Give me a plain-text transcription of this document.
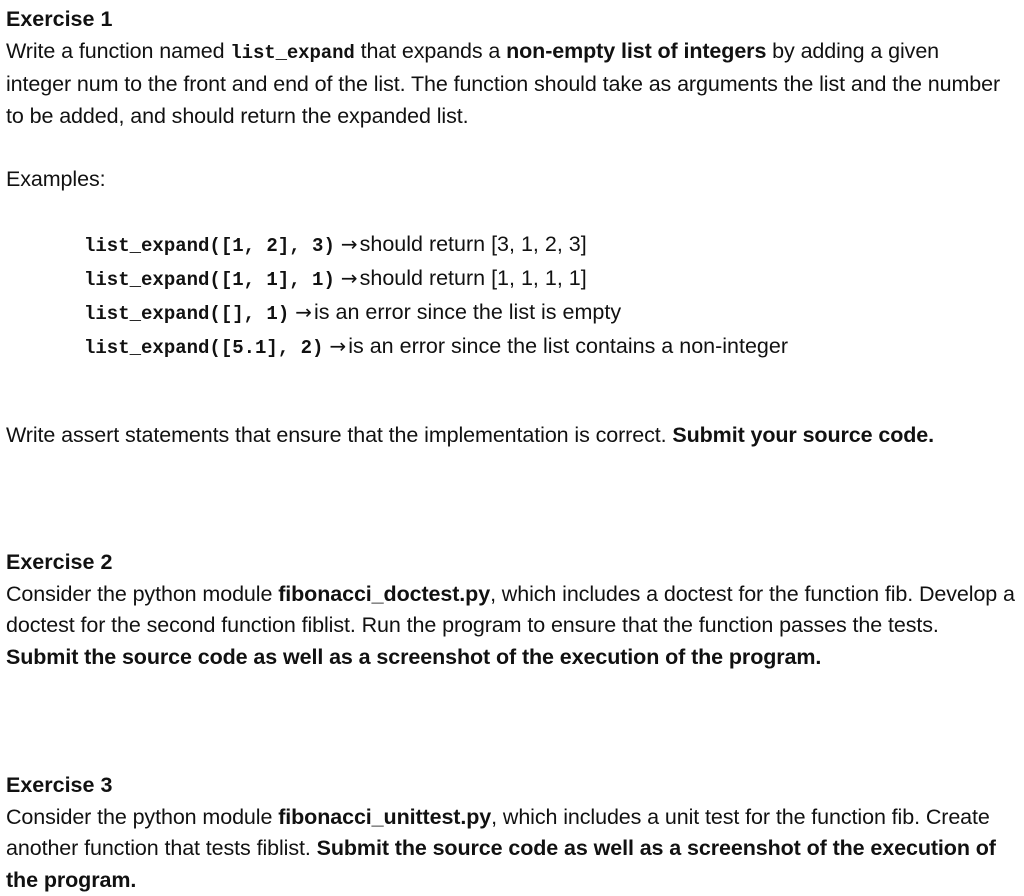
Exercise 1

Write a function named list_expand that expands a non-empty list of integers by adding a given integer num to the front and end of the list. The function should take as arguments the list and the number to be added, and should return the expanded list.

Examples:

list_expand([1, 2], 3) →should return [3, 1, 2, 3]
list_expand([1, 1], 1) →should return [1, 1, 1, 1]
list_expand([], 1) →is an error since the list is empty
list_expand([5.1], 2) →is an error since the list contains a non-integer

Write assert statements that ensure that the implementation is correct. Submit your source code.

Exercise 2

Consider the python module fibonacci_doctest.py, which includes a doctest for the function fib. Develop a doctest for the second function fiblist. Run the program to ensure that the function passes the tests. Submit the source code as well as a screenshot of the execution of the program.

Exercise 3

Consider the python module fibonacci_unittest.py, which includes a unit test for the function fib. Create another function that tests fiblist. Submit the source code as well as a screenshot of the execution of the program.
